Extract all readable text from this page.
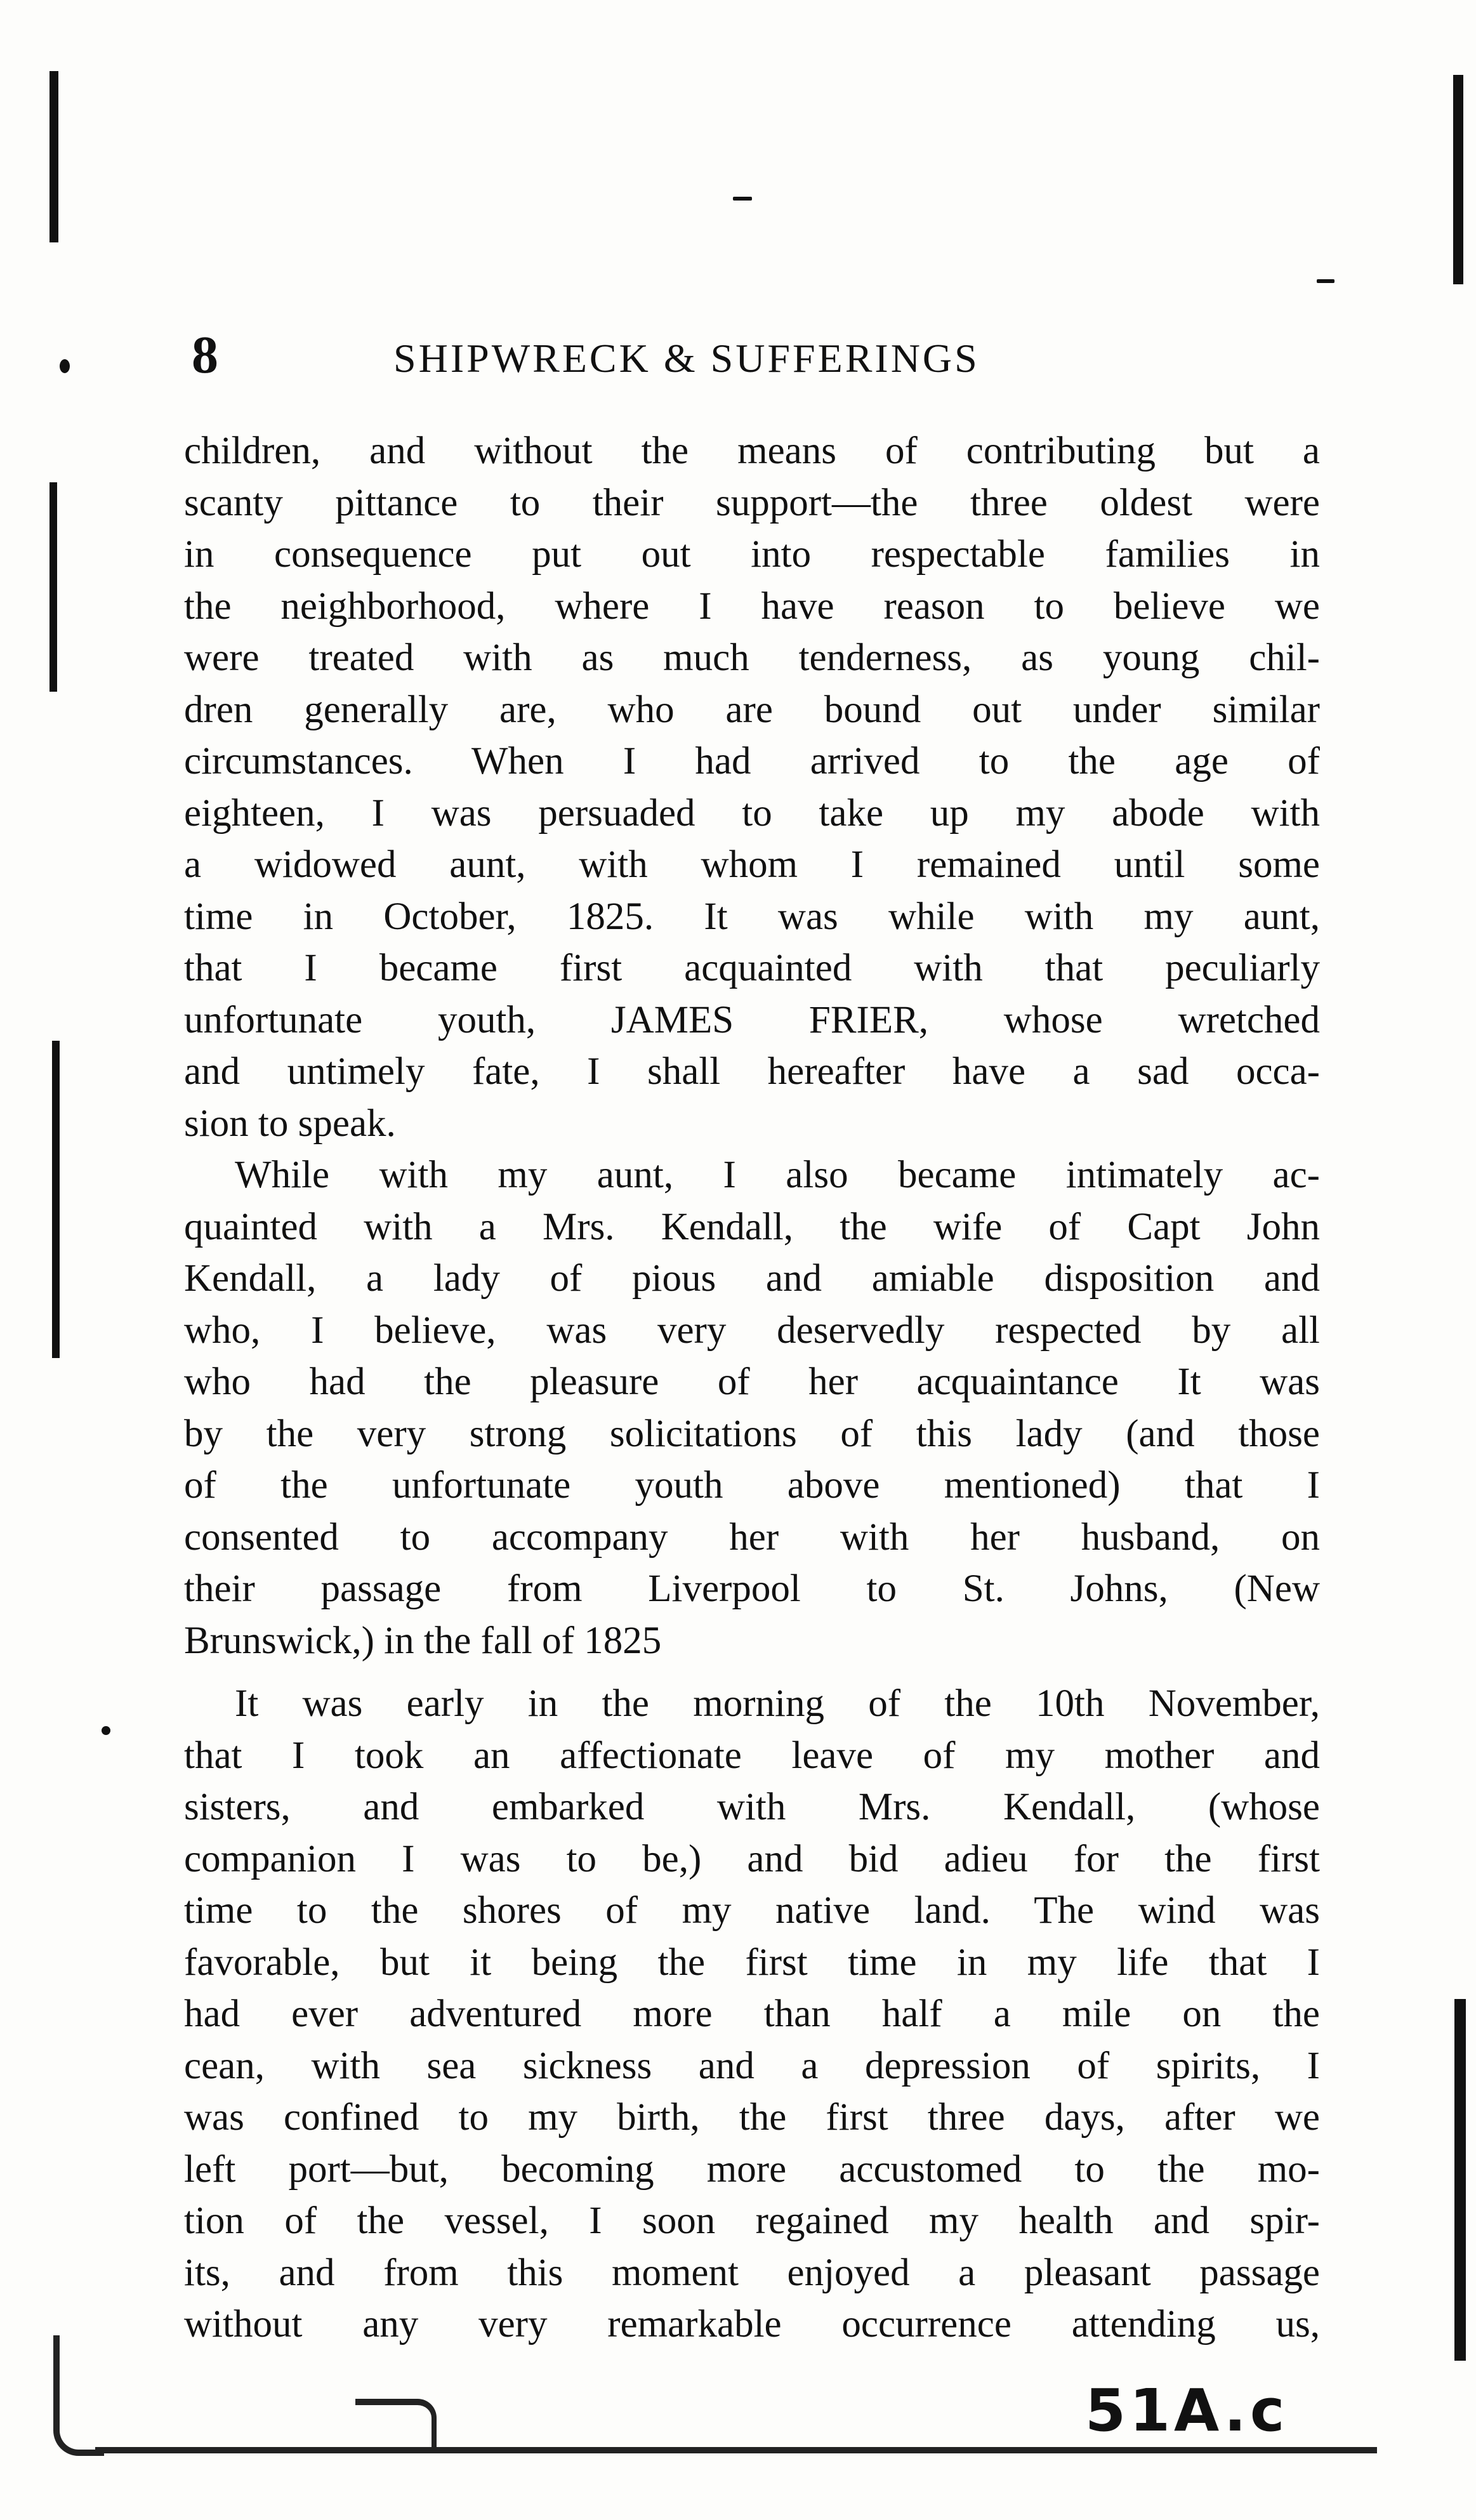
8	SHIPWRECK & SUFFERINGS
children, and without the means of contributing but a
scanty pittance to their support—the three oldest were
in consequence put out into respectable families in
the neighborhood, where I have reason to believe we
were treated with as much tenderness, as young chil-
dren generally are, who are bound out under similar
circumstances. When I had arrived to the age of
eighteen, I was persuaded to take up my abode with
a widowed aunt, with whom I remained until some
time in October, 1825. It was while with my aunt,
that I became first acquainted with that peculiarly
unfortunate youth, JAMES FRIER, whose wretched
and untimely fate, I shall hereafter have a sad occa-
sion to speak.
While with my aunt, I also became intimately ac-
quainted with a Mrs. Kendall, the wife of Capt John
Kendall, a lady of pious and amiable disposition and
who, I believe, was very deservedly respected by all
who had the pleasure of her acquaintance It was
by the very strong solicitations of this lady (and those
of the unfortunate youth above mentioned) that I
consented to accompany her with her husband, on
their passage from Liverpool to St. Johns, (New
Brunswick,) in the fall of 1825
It was early in the morning of the 10th November,
that I took an affectionate leave of my mother and
sisters, and embarked with Mrs. Kendall, (whose
companion I was to be,) and bid adieu for the first
time to the shores of my native land. The wind was
favorable, but it being the first time in my life that I
had ever adventured more than half a mile on the
cean, with sea sickness and a depression of spirits, I
was confined to my birth, the first three days, after we
left port—but, becoming more accustomed to the mo-
tion of the vessel, I soon regained my health and spir-
its, and from this moment enjoyed a pleasant passage
without any very remarkable occurrence attending us,
51A.c
